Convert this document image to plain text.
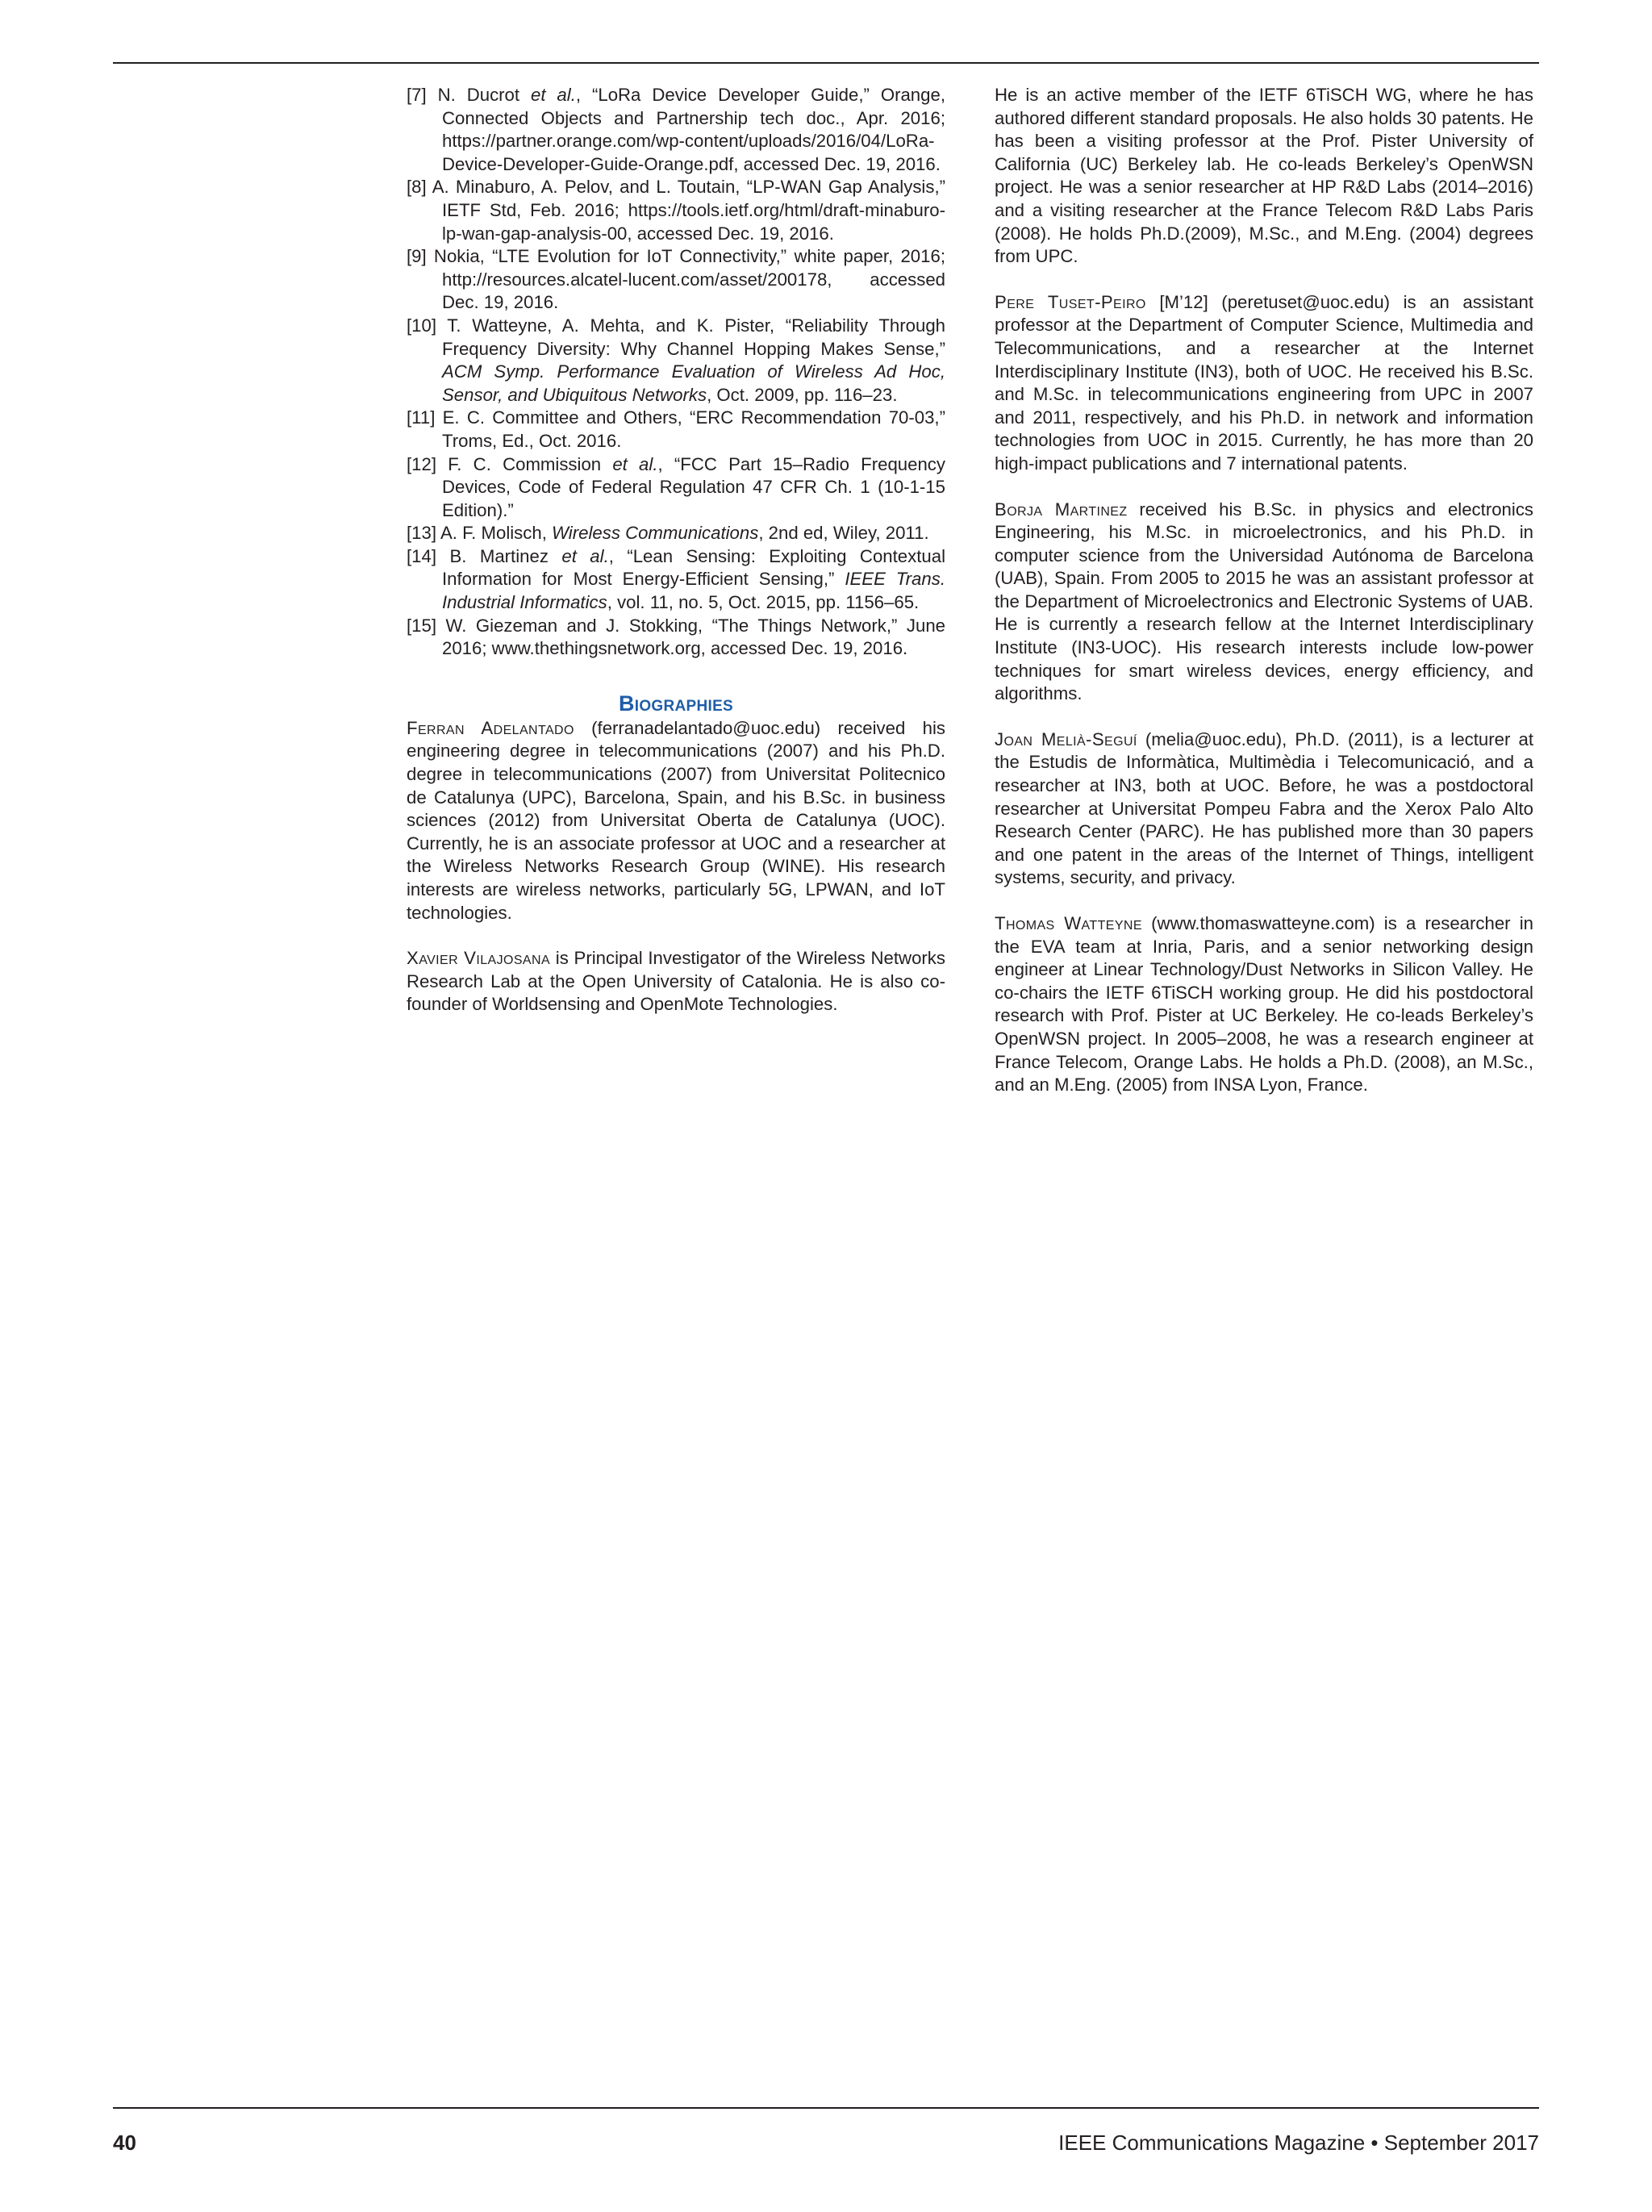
[7] N. Ducrot et al., “LoRa Device Developer Guide,” Orange, Connected Objects and Partnership tech doc., Apr. 2016; https://partner.orange.com/wp-content/uploads/2016/04/LoRa-Device-Developer-Guide-Orange.pdf, accessed Dec. 19, 2016.

[8] A. Minaburo, A. Pelov, and L. Toutain, “LP-WAN Gap Analysis,” IETF Std, Feb. 2016; https://tools.ietf.org/html/draft-minaburo-lp-wan-gap-analysis-00, accessed Dec. 19, 2016.

[9] Nokia, “LTE Evolution for IoT Connectivity,” white paper, 2016; http://resources.alcatel-lucent.com/asset/200178, accessed Dec. 19, 2016.

[10] T. Watteyne, A. Mehta, and K. Pister, “Reliability Through Frequency Diversity: Why Channel Hopping Makes Sense,” ACM Symp. Performance Evaluation of Wireless Ad Hoc, Sensor, and Ubiquitous Networks, Oct. 2009, pp. 116–23.

[11] E. C. Committee and Others, “ERC Recommendation 70-03,” Troms, Ed., Oct. 2016.

[12] F. C. Commission et al., “FCC Part 15–Radio Frequency Devices, Code of Federal Regulation 47 CFR Ch. 1 (10-1-15 Edition).”

[13] A. F. Molisch, Wireless Communications, 2nd ed, Wiley, 2011.

[14] B. Martinez et al., “Lean Sensing: Exploiting Contextual Information for Most Energy-Efficient Sensing,” IEEE Trans. Industrial Informatics, vol. 11, no. 5, Oct. 2015, pp. 1156–65.

[15] W. Giezeman and J. Stokking, “The Things Network,” June 2016; www.thethingsnetwork.org, accessed Dec. 19, 2016.

Biographies

Ferran Adelantado (ferranadelantado@uoc.edu) received his engineering degree in telecommunications (2007) and his Ph.D. degree in telecommunications (2007) from Universitat Politecnico de Catalunya (UPC), Barcelona, Spain, and his B.Sc. in business sciences (2012) from Universitat Oberta de Catalunya (UOC). Currently, he is an associate professor at UOC and a researcher at the Wireless Networks Research Group (WINE). His research interests are wireless networks, particularly 5G, LPWAN, and IoT technologies.

Xavier Vilajosana is Principal Investigator of the Wireless Networks Research Lab at the Open University of Catalonia. He is also co-founder of Worldsensing and OpenMote Technologies.

He is an active member of the IETF 6TiSCH WG, where he has authored different standard proposals. He also holds 30 patents. He has been a visiting professor at the Prof. Pister University of California (UC) Berkeley lab. He co-leads Berkeley’s OpenWSN project. He was a senior researcher at HP R&D Labs (2014–2016) and a visiting researcher at the France Telecom R&D Labs Paris (2008). He holds Ph.D.(2009), M.Sc., and M.Eng. (2004) degrees from UPC.

Pere Tuset-Peiro [M’12] (peretuset@uoc.edu) is an assistant professor at the Department of Computer Science, Multimedia and Telecommunications, and a researcher at the Internet Interdisciplinary Institute (IN3), both of UOC. He received his B.Sc. and M.Sc. in telecommunications engineering from UPC in 2007 and 2011, respectively, and his Ph.D. in network and information technologies from UOC in 2015. Currently, he has more than 20 high-impact publications and 7 international patents.

Borja Martinez received his B.Sc. in physics and electronics Engineering, his M.Sc. in microelectronics, and his Ph.D. in computer science from the Universidad Autónoma de Barcelona (UAB), Spain. From 2005 to 2015 he was an assistant professor at the Department of Microelectronics and Electronic Systems of UAB. He is currently a research fellow at the Internet Interdisciplinary Institute (IN3-UOC). His research interests include low-power techniques for smart wireless devices, energy efficiency, and algorithms.

Joan Melià-Seguí (melia@uoc.edu), Ph.D. (2011), is a lecturer at the Estudis de Informàtica, Multimèdia i Telecomunicació, and a researcher at IN3, both at UOC. Before, he was a postdoctoral researcher at Universitat Pompeu Fabra and the Xerox Palo Alto Research Center (PARC). He has published more than 30 papers and one patent in the areas of the Internet of Things, intelligent systems, security, and privacy.

Thomas Watteyne (www.thomaswatteyne.com) is a researcher in the EVA team at Inria, Paris, and a senior networking design engineer at Linear Technology/Dust Networks in Silicon Valley. He co-chairs the IETF 6TiSCH working group. He did his postdoctoral research with Prof. Pister at UC Berkeley. He co-leads Berkeley’s OpenWSN project. In 2005–2008, he was a research engineer at France Telecom, Orange Labs. He holds a Ph.D. (2008), an M.Sc., and an M.Eng. (2005) from INSA Lyon, France.

40	IEEE Communications Magazine • September 2017
